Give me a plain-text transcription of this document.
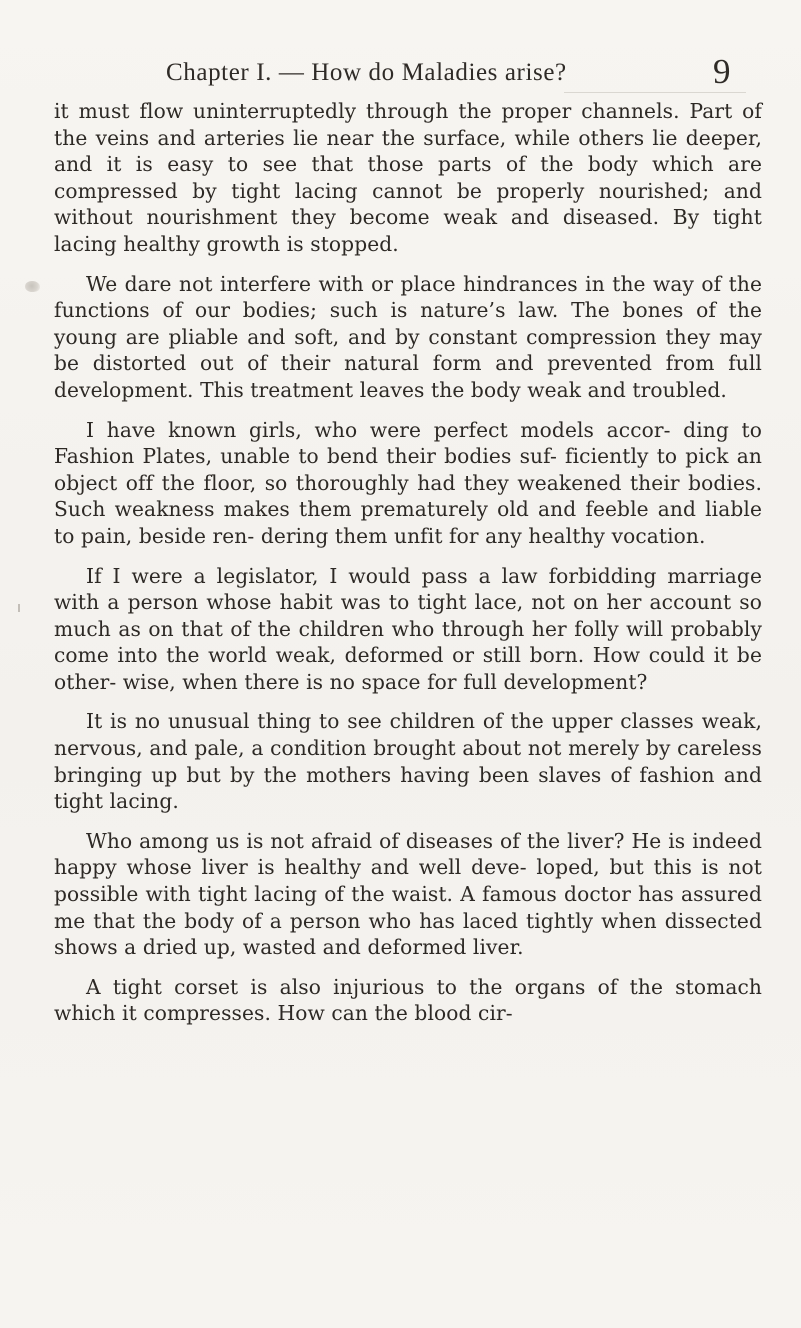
Chapter I. — How do Maladies arise?	9

it must flow uninterruptedly through the proper channels. Part of the veins and arteries lie near the surface, while others lie deeper, and it is easy to see that those parts of the body which are compressed by tight lacing cannot be properly nourished; and without nourishment they become weak and diseased. By tight lacing healthy growth is stopped.

We dare not interfere with or place hindrances in the way of the functions of our bodies; such is nature’s law. The bones of the young are pliable and soft, and by constant compression they may be distorted out of their natural form and prevented from full development. This treatment leaves the body weak and troubled.

I have known girls, who were perfect models accor- ding to Fashion Plates, unable to bend their bodies suf- ficiently to pick an object off the floor, so thoroughly had they weakened their bodies. Such weakness makes them prematurely old and feeble and liable to pain, beside ren- dering them unfit for any healthy vocation.

If I were a legislator, I would pass a law forbidding marriage with a person whose habit was to tight lace, not on her account so much as on that of the children who through her folly will probably come into the world weak, deformed or still born. How could it be other- wise, when there is no space for full development?

It is no unusual thing to see children of the upper classes weak, nervous, and pale, a condition brought about not merely by careless bringing up but by the mothers having been slaves of fashion and tight lacing.

Who among us is not afraid of diseases of the liver? He is indeed happy whose liver is healthy and well deve- loped, but this is not possible with tight lacing of the waist. A famous doctor has assured me that the body of a person who has laced tightly when dissected shows a dried up, wasted and deformed liver.

A tight corset is also injurious to the organs of the stomach which it compresses. How can the blood cir-
